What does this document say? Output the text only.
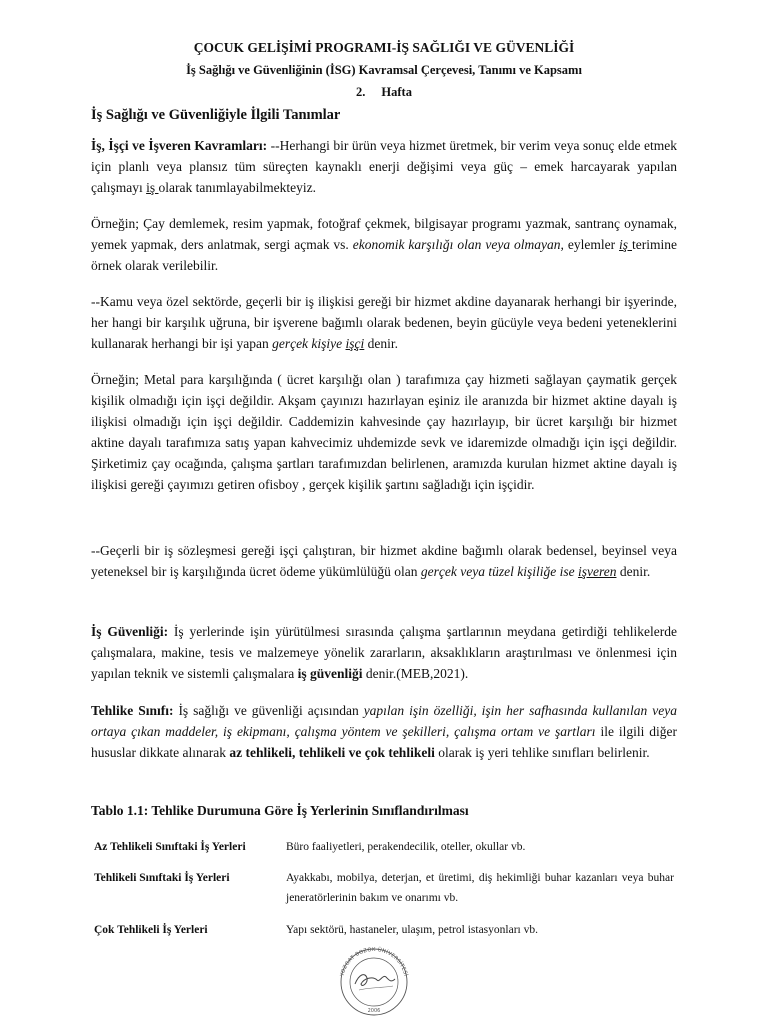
ÇOCUK GELİŞİMİ PROGRAMI-İŞ SAĞLIĞI VE GÜVENLİĞİ
İş Sağlığı ve Güvenliğinin (İSG) Kavramsal Çerçevesi, Tanımı ve Kapsamı
2. Hafta
İş Sağlığı ve Güvenliğiyle İlgili Tanımlar
İş, İşçi ve İşveren Kavramları: --Herhangi bir ürün veya hizmet üretmek, bir verim veya sonuç elde etmek için planlı veya plansız tüm süreçten kaynaklı enerji değişimi veya güç – emek harcayarak yapılan çalışmayı iş olarak tanımlayabilmekteyiz.
Örneğin; Çay demlemek, resim yapmak, fotoğraf çekmek, bilgisayar programı yazmak, santranç oynamak, yemek yapmak, ders anlatmak, sergi açmak vs. ekonomik karşılığı olan veya olmayan, eylemler iş terimine örnek olarak verilebilir.
--Kamu veya özel sektörde, geçerli bir iş ilişkisi gereği bir hizmet akdine dayanarak herhangi bir işyerinde, her hangi bir karşılık uğruna, bir işverene bağımlı olarak bedenen, beyin gücüyle veya bedeni yeteneklerini kullanarak herhangi bir işi yapan gerçek kişiye işçi denir.
Örneğin; Metal para karşılığında ( ücret karşılığı olan ) tarafımıza çay hizmeti sağlayan çaymatik gerçek kişilik olmadığı için işçi değildir. Akşam çayınızı hazırlayan eşiniz ile aranızda bir hizmet aktine dayalı iş ilişkisi olmadığı için işçi değildir. Caddemizin kahvesinde çay hazırlayıp, bir ücret karşılığı bir hizmet aktine dayalı tarafımıza satış yapan kahvecimiz uhdemizde sevk ve idaremizde olmadığı için işçi değildir. Şirketimiz çay ocağında, çalışma şartları tarafımızdan belirlenen, aramızda kurulan hizmet aktine dayalı iş ilişkisi gereği çayımızı getiren ofisboy , gerçek kişilik şartını sağladığı için işçidir.
--Geçerli bir iş sözleşmesi gereği işçi çalıştıran, bir hizmet akdine bağımlı olarak bedensel, beyinsel veya yeteneksel bir iş karşılığında ücret ödeme yükümlülüğü olan gerçek veya tüzel kişiliğe ise işveren denir.
İş Güvenliği: İş yerlerinde işin yürütülmesi sırasında çalışma şartlarının meydana getirdiği tehlikelerde çalışmalara, makine, tesis ve malzemeye yönelik zararların, aksaklıkların araştırılması ve önlenmesi için yapılan teknik ve sistemli çalışmalara iş güvenliği denir.(MEB,2021).
Tehlike Sınıfı: İş sağlığı ve güvenliği açısından yapılan işin özelliği, işin her safhasında kullanılan veya ortaya çıkan maddeler, iş ekipmanı, çalışma yöntem ve şekilleri, çalışma ortam ve şartları ile ilgili diğer hususlar dikkate alınarak az tehlikeli, tehlikeli ve çok tehlikeli olarak iş yeri tehlike sınıfları belirlenir.
Tablo 1.1: Tehlike Durumuna Göre İş Yerlerinin Sınıflandırılması
Az Tehlikeli Sınıftaki İş Yerleri	Büro faaliyetleri, perakendecilik, oteller, okullar vb.
Tehlikeli Sınıftaki İş Yerleri	Ayakkabı, mobilya, deterjan, et üretimi, diş hekimliği buhar kazanları veya buhar jeneratörlerinin bakım ve onarımı vb.
Çok Tehlikeli İş Yerleri	Yapı sektörü, hastaneler, ulaşım, petrol istasyonları vb.
YOZGAT BOZOK ÜNİVERSİTESİ
2006
